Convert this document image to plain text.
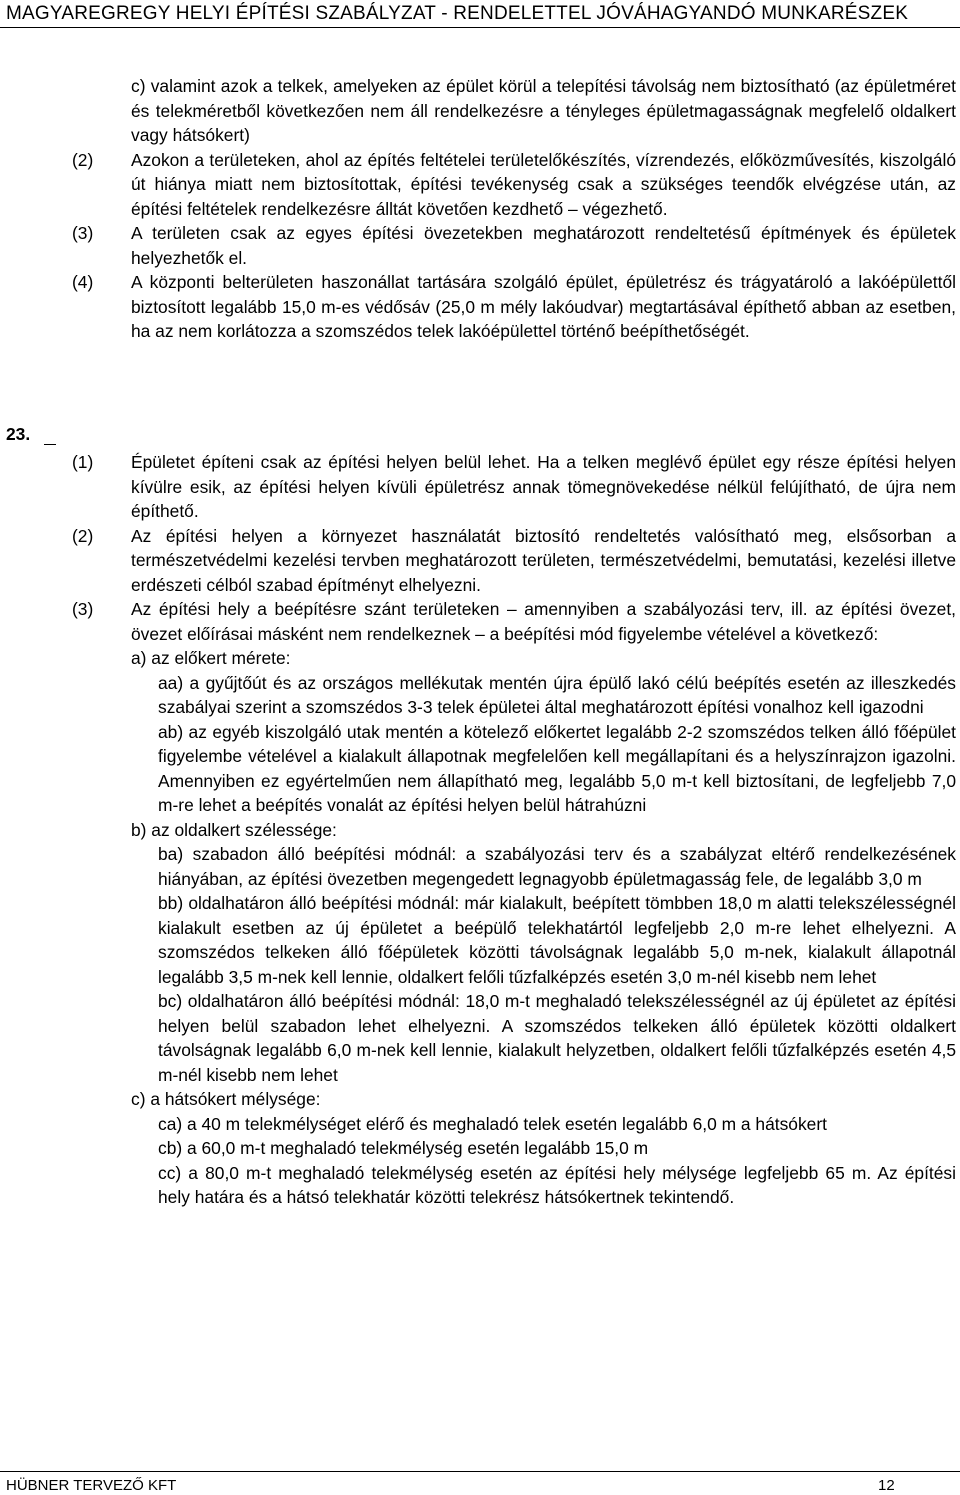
MAGYAREGREGY HELYI ÉPÍTÉSI SZABÁLYZAT - RENDELETTEL JÓVÁHAGYANDÓ MUNKARÉSZEK
c) valamint azok a telkek, amelyeken az épület körül a telepítési távolság nem biztosítható (az épületméret és telekméretből következően nem áll rendelkezésre a tényleges épületmagasságnak megfelelő oldalkert vagy hátsókert)
(2) Azokon a területeken, ahol az építés feltételei területelőkészítés, vízrendezés, előközművesítés, kiszolgáló út hiánya miatt nem biztosítottak, építési tevékenység csak a szükséges teendők elvégzése után, az építési feltételek rendelkezésre álltát követően kezdhető – végezhető.
(3) A területen csak az egyes építési övezetekben meghatározott rendeltetésű építmények és épületek helyezhetők el.
(4) A központi belterületen haszonállat tartására szolgáló épület, épületrész és trágyatároló a lakóépülettől biztosított legalább 15,0 m-es védősáv (25,0 m mély lakóudvar) megtartásával építhető abban az esetben, ha az nem korlátozza a szomszédos telek lakóépülettel történő beépíthetőségét.
23.
(1) Épületet építeni csak az építési helyen belül lehet. Ha a telken meglévő épület egy része építési helyen kívülre esik, az építési helyen kívüli épületrész annak tömegnövekedése nélkül felújítható, de újra nem építhető.
(2) Az építési helyen a környezet használatát biztosító rendeltetés valósítható meg, elsősorban a természetvédelmi kezelési tervben meghatározott területen, természetvédelmi, bemutatási, kezelési illetve erdészeti célból szabad építményt elhelyezni.
(3) Az építési hely a beépítésre szánt területeken – amennyiben a szabályozási terv, ill. az építési övezet, övezet előírásai másként nem rendelkeznek – a beépítési mód figyelembe vételével a következő:
a) az előkert mérete:
aa) a gyűjtőút és az országos mellékutak mentén újra épülő lakó célú beépítés esetén az illeszkedés szabályai szerint a szomszédos 3-3 telek épületei által meghatározott építési vonalhoz kell igazodni
ab) az egyéb kiszolgáló utak mentén a kötelező előkertet legalább 2-2 szomszédos telken álló főépület figyelembe vételével a kialakult állapotnak megfelelően kell megállapítani és a helyszínrajzon igazolni. Amennyiben ez egyértelműen nem állapítható meg, legalább 5,0 m-t kell biztosítani, de legfeljebb 7,0 m-re lehet a beépítés vonalát az építési helyen belül hátrahúzni
b) az oldalkert szélessége:
ba) szabadon álló beépítési módnál: a szabályozási terv és a szabályzat eltérő rendelkezésének hiányában, az építési övezetben megengedett legnagyobb épületmagasság fele, de legalább 3,0 m
bb) oldalhatáron álló beépítési módnál: már kialakult, beépített tömbben 18,0 m alatti telekszélességnél kialakult esetben az új épületet a beépülő telekhatártól legfeljebb 2,0 m-re lehet elhelyezni. A szomszédos telkeken álló főépületek közötti távolságnak legalább 5,0 m-nek, kialakult állapotnál legalább 3,5 m-nek kell lennie, oldalkert felőli tűzfalképzés esetén 3,0 m-nél kisebb nem lehet
bc) oldalhatáron álló beépítési módnál: 18,0 m-t meghaladó telekszélességnél az új épületet az építési helyen belül szabadon lehet elhelyezni. A szomszédos telkeken álló épületek közötti oldalkert távolságnak legalább 6,0 m-nek kell lennie, kialakult helyzetben, oldalkert felőli tűzfalképzés esetén 4,5 m-nél kisebb nem lehet
c) a hátsókert mélysége:
ca) a 40 m telekmélységet elérő és meghaladó telek esetén legalább 6,0 m a hátsókert
cb) a 60,0 m-t meghaladó telekmélység esetén legalább 15,0 m
cc) a 80,0 m-t meghaladó telekmélység esetén az építési hely mélysége legfeljebb 65 m. Az építési hely határa és a hátsó telekhatár közötti telekrész hátsókertnek tekintendő.
HÜBNER TERVEZŐ KFT	12
